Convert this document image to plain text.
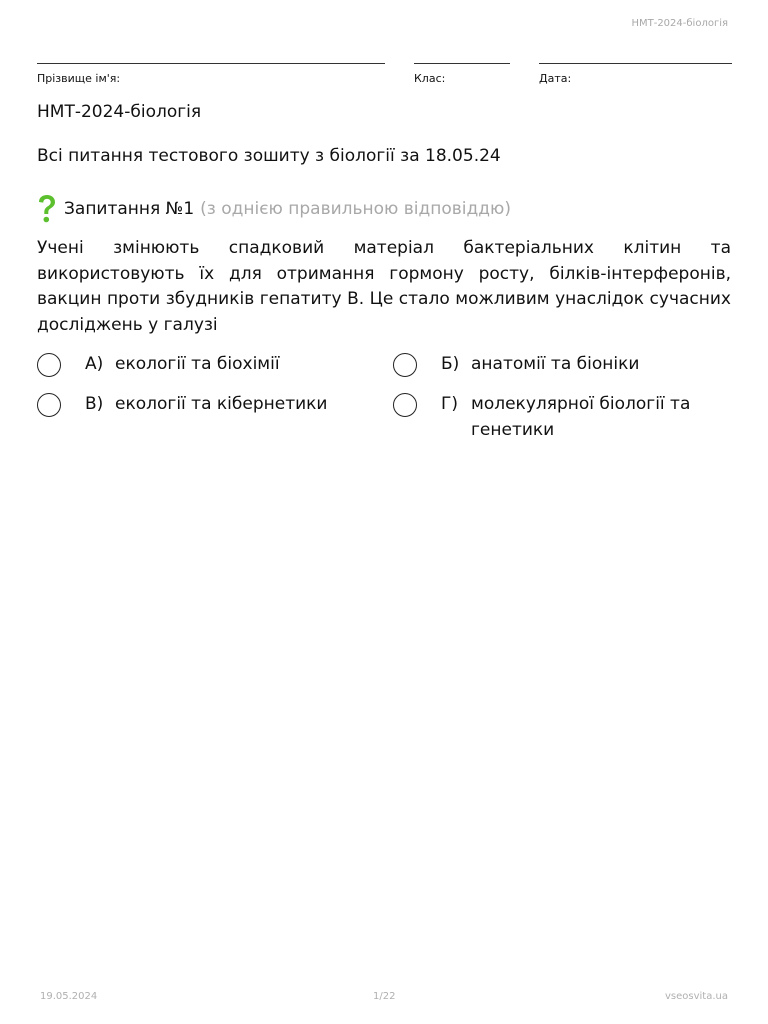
НМТ-2024-біологія
Прізвище ім'я:	Клас:	Дата:
НМТ-2024-біологія
Всі питання тестового зошиту з біології за 18.05.24
Запитання №1 (з однією правильною відповіддю)
Учені змінюють спадковий матеріал бактеріальних клітин та використовують їх для отримання гормону росту, білків-інтерферонів, вакцин проти збудників гепатиту В. Це стало можливим унаслідок сучасних досліджень у галузі
А) екології та біохімії	Б) анатомії та біоніки
В) екології та кібернетики	Г) молекулярної біології та генетики
19.05.2024	1/22	vseosvita.ua
